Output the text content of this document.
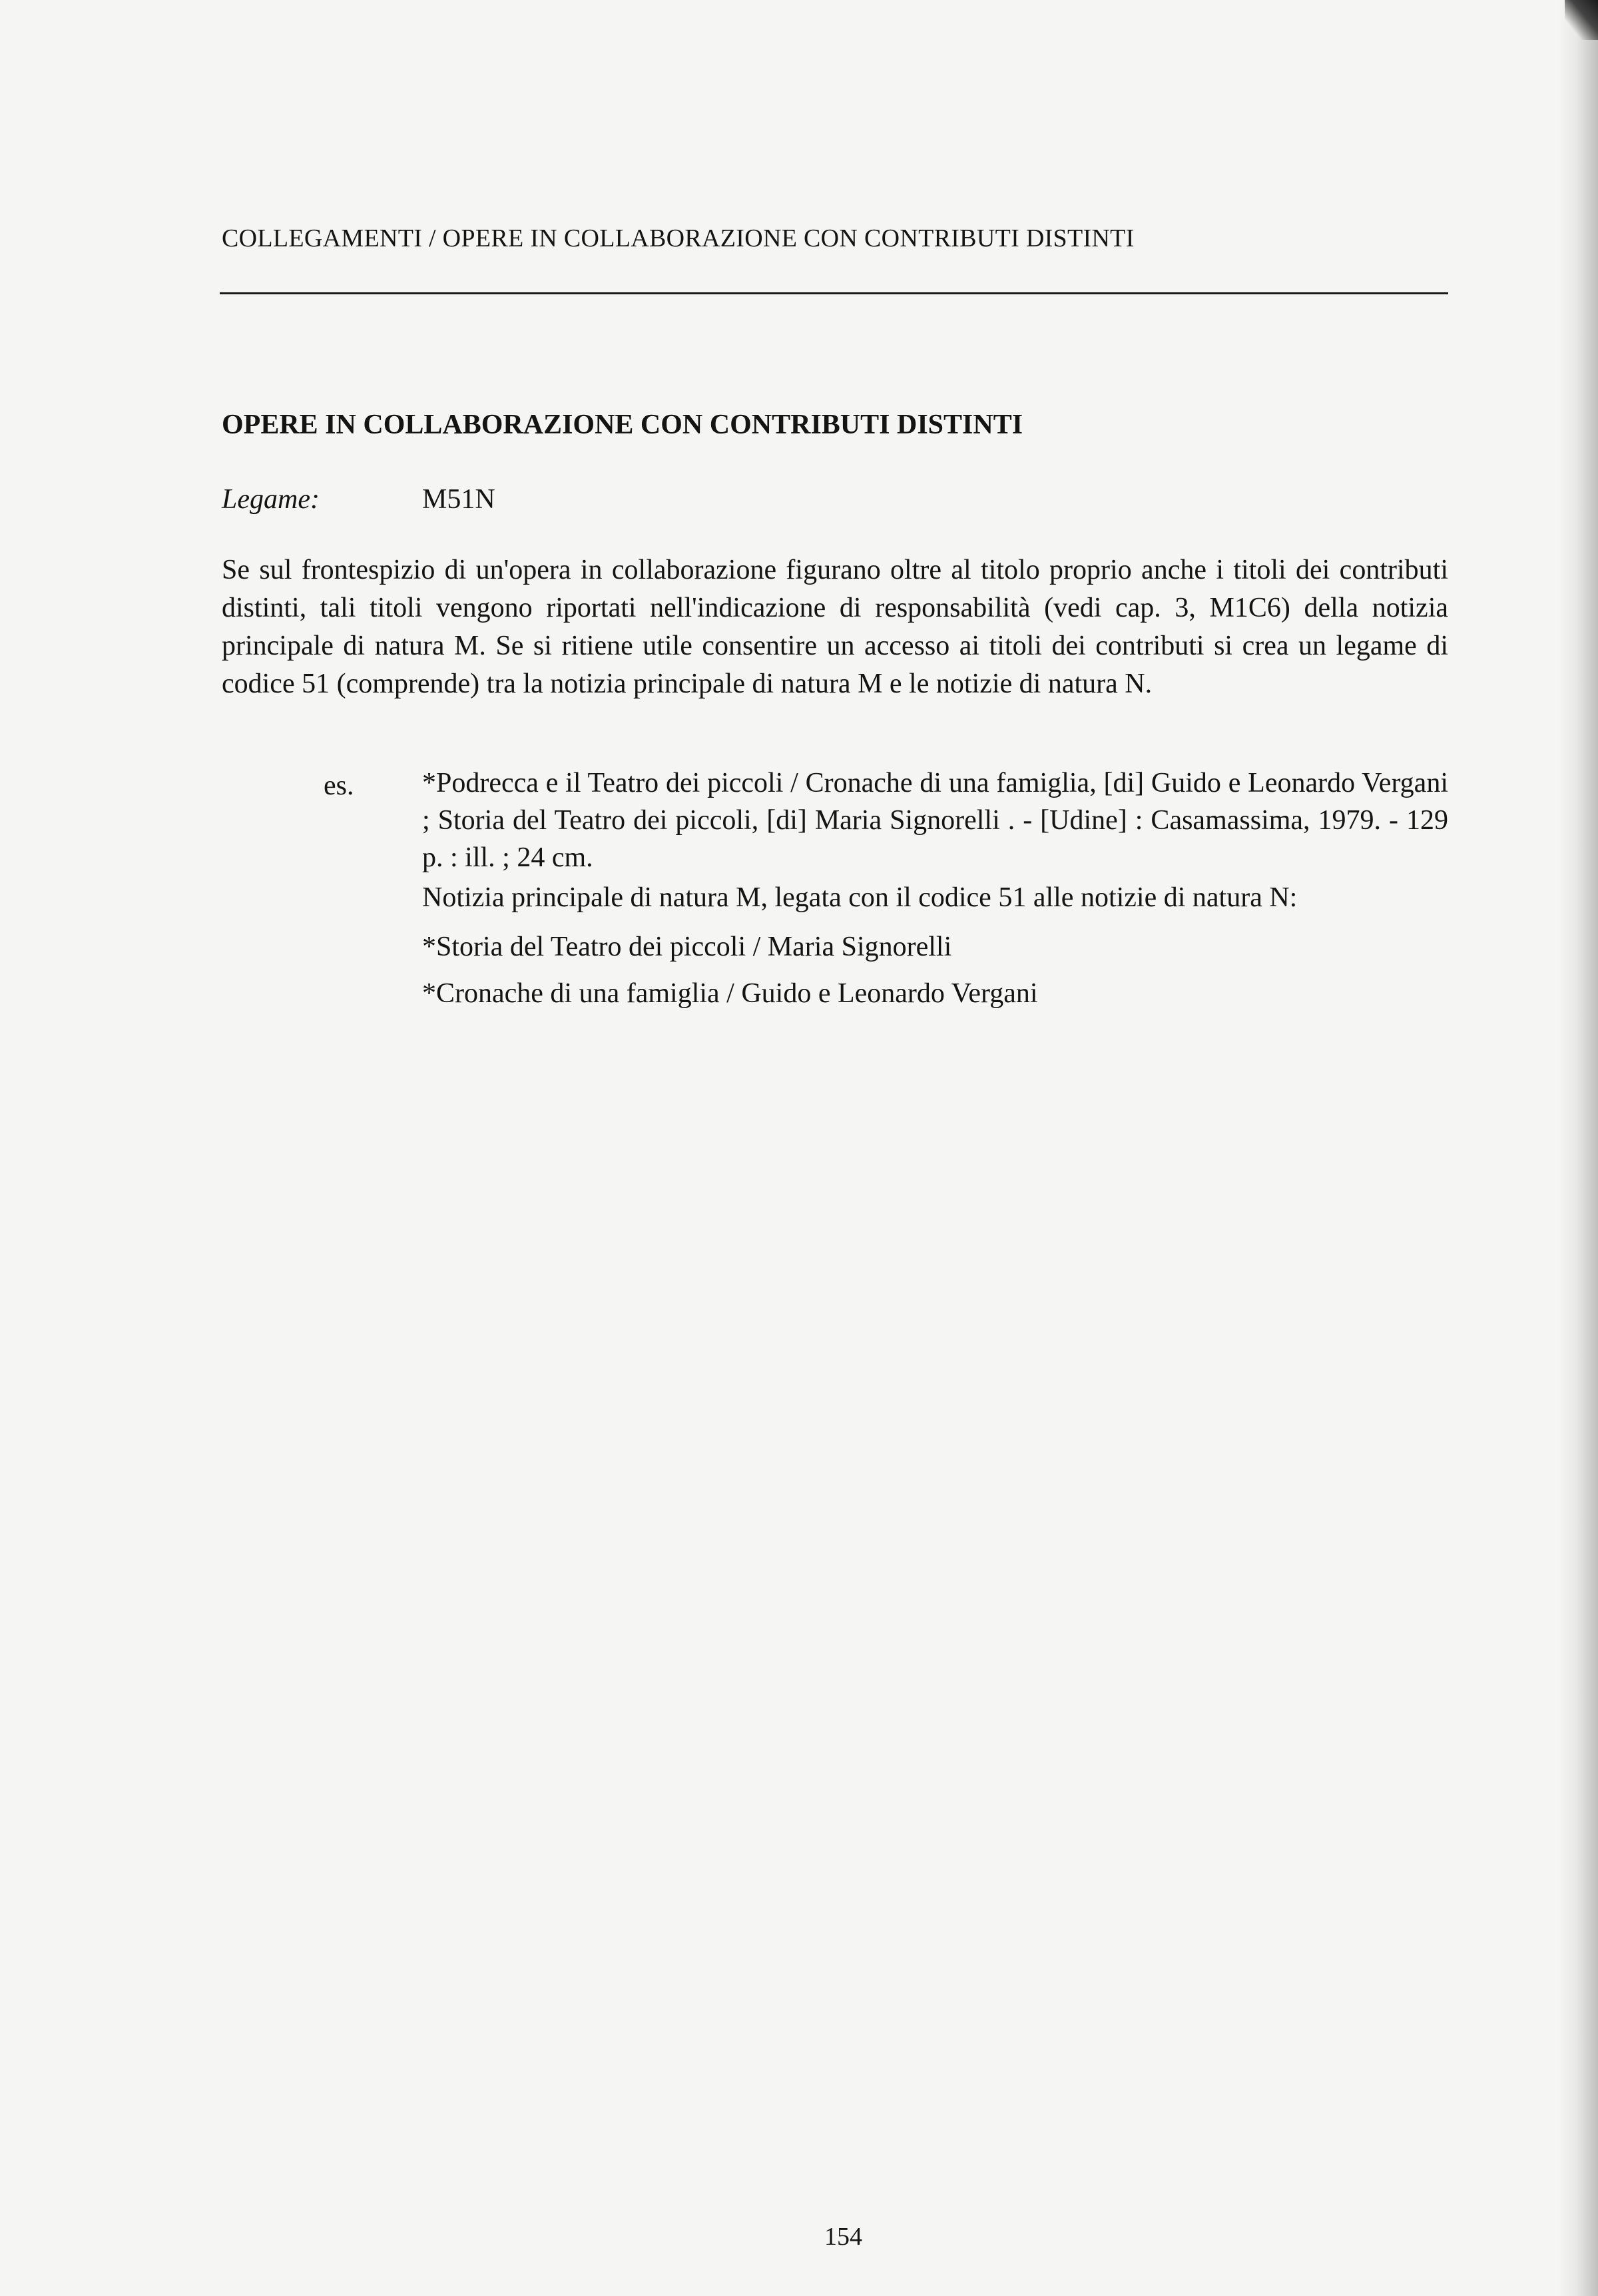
COLLEGAMENTI / OPERE IN COLLABORAZIONE CON CONTRIBUTI DISTINTI
OPERE IN COLLABORAZIONE CON CONTRIBUTI DISTINTI
Legame:	M51N

Se sul frontespizio di un'opera in collaborazione figurano oltre al titolo proprio anche i titoli dei contributi distinti, tali titoli vengono riportati nell'indicazione di responsabilità (vedi cap. 3, M1C6) della notizia principale di natura M. Se si ritiene utile consentire un accesso ai titoli dei contributi si crea un legame di codice 51 (comprende) tra la notizia principale di natura M e le notizie di natura N.

es. *Podrecca e il Teatro dei piccoli / Cronache di una famiglia, [di] Guido e Leonardo Vergani ; Storia del Teatro dei piccoli, [di] Maria Signorelli . - [Udine] : Casamassima, 1979. - 129 p. : ill. ; 24 cm.

Notizia principale di natura M, legata con il codice 51 alle notizie di natura N:
*Storia del Teatro dei piccoli / Maria Signorelli
*Cronache di una famiglia / Guido e Leonardo Vergani
154
